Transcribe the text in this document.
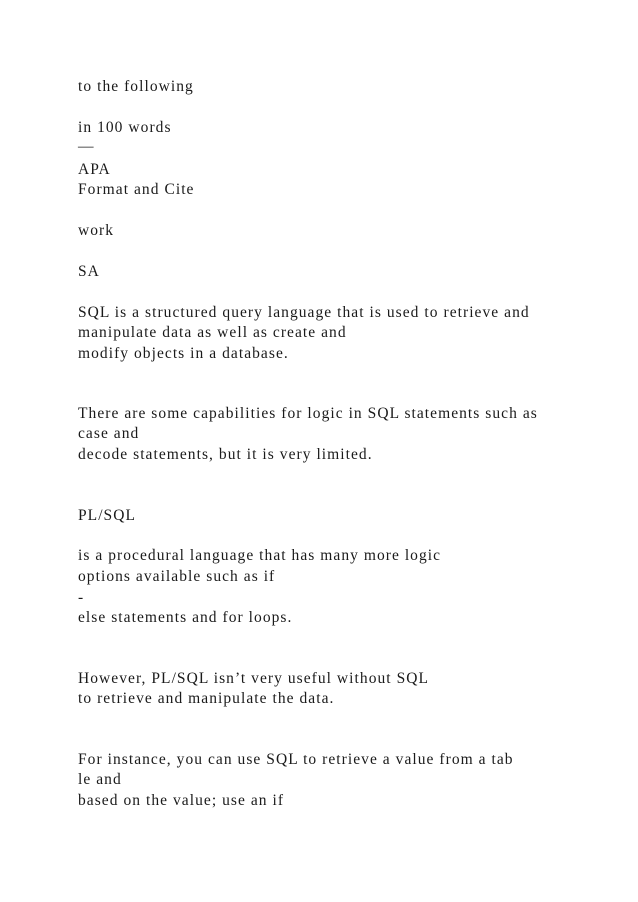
to the following

in 100 words

—

APA

Format and Cite

work

SA

SQL is a structured query language that is used to retrieve and

manipulate data as well as create and

modify objects in a database.

There are some capabilities for logic in SQL statements such as

case and

decode statements, but it is very limited.

PL/SQL

is a procedural language that has many more logic

options available such as if

-

else statements and for loops.

However, PL/SQL isn’t very useful without SQL

to retrieve and manipulate the data.

For instance, you can use SQL to retrieve a value from a tab

le and

based on the value; use an if
